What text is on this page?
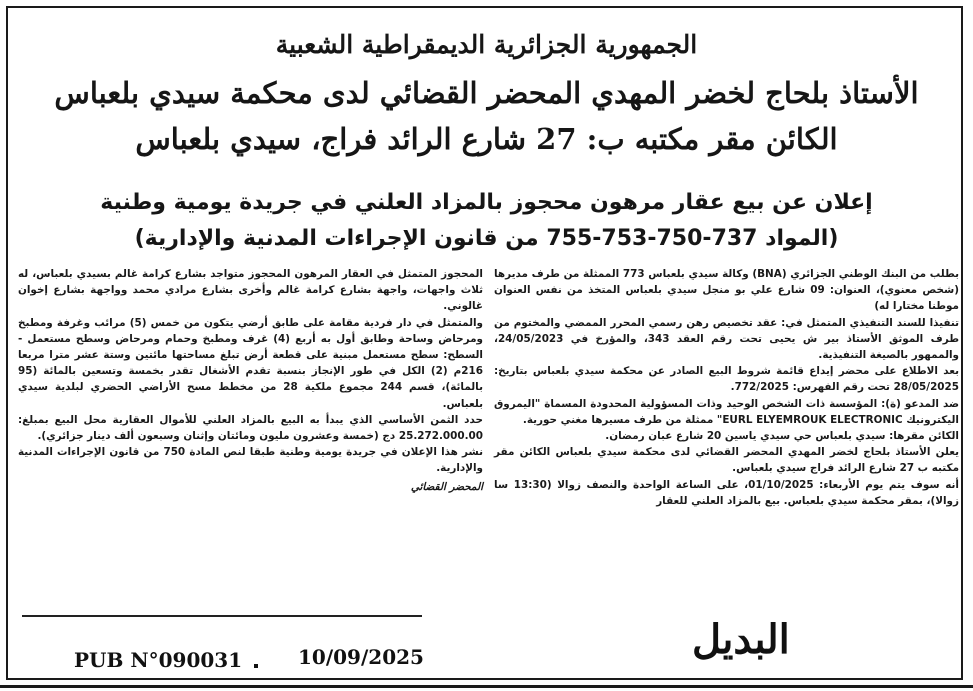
الجمهورية الجزائرية الديمقراطية الشعبية
الأستاذ بلحاج لخضر المهدي المحضر القضائي لدى محكمة سيدي بلعباس
الكائن مقر مكتبه ب: 27 شارع الرائد فراج، سيدي بلعباس
إعلان عن بيع عقار مرهون محجوز بالمزاد العلني في جريدة يومية وطنية
(المواد 737-750-753-755 من قانون الإجراءات المدنية والإدارية)

بطلب من البنك الوطني الجزائري (BNA) وكالة سيدي بلعباس 773 الممثلة من طرف مديرها (شخص معنوي)، العنوان: 09 شارع علي بو منجل سيدي بلعباس المتخذ من نفس العنوان موطنا مختارا له)

تنفيذا للسند التنفيذي المتمثل في: عقد تخصيص رهن رسمي المحرر الممضي والمختوم من طرف الموثق الأستاذ بير ش يحيى تحت رقم العقد 343، والمؤرخ في 24/05/2023، والممهور بالصيغة التنفيذية.

بعد الاطلاع على محضر إيداع قائمة شروط البيع الصادر عن محكمة سيدي بلعباس بتاريخ: 28/05/2025 تحت رقم الفهرس: 772/2025.

ضد المدعو (ة): المؤسسة ذات الشخص الوحيد وذات المسؤولية المحدودة المسماة "اليمروق اليكترونيك EURL ELYEMROUK ELECTRONIC" ممثلة من طرف مسيرها مغني حورية.

الكائن مقرها: سيدي بلعباس حي سيدي ياسين 20 شارع عبان رمضان.

يعلن الأستاذ بلحاج لخضر المهدي المحضر القضائي لدى محكمة سيدي بلعباس الكائن مقر مكتبه ب 27 شارع الرائد فراج سيدي بلعباس.

أنه سوف يتم يوم الأربعاء: 01/10/2025، على الساعة الواحدة والنصف زوالا (13:30 سا زوالا)، بمقر محكمة سيدي بلعباس. بيع بالمزاد العلني للعقار

المحجوز المتمثل في العقار المرهون المحجوز متواجد بشارع كرامة غالم بسيدي بلعباس، له ثلاث واجهات، واجهة بشارع كرامة غالم وأخرى بشارع مرادي محمد وواجهة بشارع إخوان غالوني.

والمتمثل في دار فردية مقامة على طابق أرضي يتكون من خمس (5) مرائب وغرفة ومطبخ ومرحاض وساحة وطابق أول به أربع (4) غرف ومطبخ وحمام ومرحاض وسطح مستعمل - السطح: سطح مستعمل مبنية على قطعة أرض تبلغ مساحتها مائتين وستة عشر مترا مربعا 216م (2) الكل في طور الإنجاز بنسبة تقدم الأشغال تقدر بخمسة وتسعين بالمائة (95 بالمائة)، قسم 244 مجموع ملكية 28 من مخطط مسح الأراضي الحضري لبلدية سيدي بلعباس.

حدد الثمن الأساسي الذي يبدأ به البيع بالمزاد العلني للأموال العقارية محل البيع بمبلغ: 25.272.000.00 دج (خمسة وعشرون مليون ومائتان وإثنان وسبعون ألف دينار جزائري).

نشر هذا الإعلان في جريدة يومية وطنية طبقا لنص المادة 750 من قانون الإجراءات المدنية والإدارية.

المحضر القضائي

PUB N°090031	10/09/2025	البديل
